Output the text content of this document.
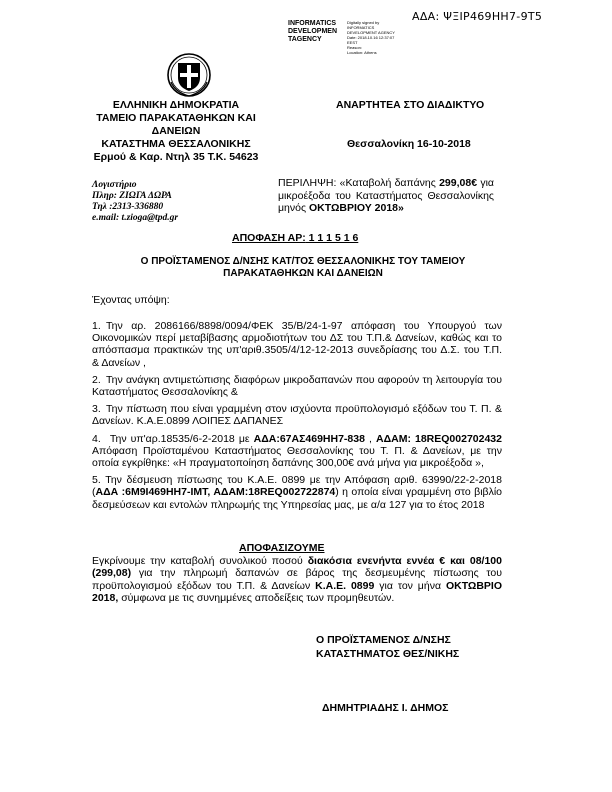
ΑΔΑ: ΨΞΙΡ469ΗΗ7-9Τ5
INFORMATICS
DEVELOPMEN
TAGENCY
Digitally signed by
INFORMATICS
DEVELOPMENT AGENCY
Date: 2018.10.16 12:37:07
EEST
Reason:
Location: Athens
ΕΛΛΗΝΙΚΗ ΔΗΜΟΚΡΑΤΙΑ
ΤΑΜΕΙΟ ΠΑΡΑΚΑΤΑΘΗΚΩΝ ΚΑΙ ΔΑΝΕΙΩΝ
ΚΑΤΑΣΤΗΜΑ ΘΕΣΣΑΛΟΝΙΚΗΣ
Ερμού & Καρ. Ντηλ 35 Τ.Κ. 54623
ΑΝΑΡΤΗΤΕΑ ΣΤΟ ΔΙΑΔΙΚΤΥΟ
Θεσσαλονίκη 16-10-2018
Λογιστήριο
Πληρ: ΖΙΩΓΑ ΔΩΡΑ
Τηλ :2313-336880
e.mail: t.zioga@tpd.gr
ΠΕΡΙΛΗΨΗ: «Καταβολή δαπάνης 299,08€ για μικροέξοδα του Καταστήματος Θεσσαλονίκης μηνός ΟΚΤΩΒΡΙΟΥ 2018»
ΑΠΟΦΑΣΗ ΑΡ: 1 1 1 5 1 6
Ο ΠΡΟΪΣΤΑΜΕΝΟΣ Δ/ΝΣΗΣ ΚΑΤ/ΤΟΣ ΘΕΣΣΑΛΟΝΙΚΗΣ ΤΟΥ ΤΑΜΕΙΟΥ
ΠΑΡΑΚΑΤΑΘΗΚΩΝ ΚΑΙ ΔΑΝΕΙΩΝ
Έχοντας υπόψη:
1. Την αρ. 2086166/8898/0094/ΦΕΚ 35/Β/24-1-97 απόφαση του Υπουργού των Οικονομικών περί μεταβίβασης αρμοδιοτήτων του ΔΣ του Τ.Π.& Δανείων, καθώς και το απόσπασμα πρακτικών της υπ'αριθ.3505/4/12-12-2013 συνεδρίασης του Δ.Σ. του Τ.Π. & Δανείων ,
2. Την ανάγκη αντιμετώπισης διαφόρων μικροδαπανών που αφορούν τη λειτουργία του Καταστήματος Θεσσαλονίκης &
3. Την πίστωση που είναι γραμμένη στον ισχύοντα προϋπολογισμό εξόδων του Τ. Π. & Δανείων. Κ.Α.Ε.0899 ΛΟΙΠΕΣ ΔΑΠΑΝΕΣ
4. Την υπ'αρ.18535/6-2-2018 με ΑΔΑ:67ΑΣ469ΗΗ7-838 , ΑΔΑΜ: 18REQ002702432 Απόφαση Προϊσταμένου Καταστήματος Θεσσαλονίκης του Τ. Π. & Δανείων, με την οποία εγκρίθηκε: «Η πραγματοποίηση δαπάνης 300,00€ ανά μήνα για μικροέξοδα »,
5. Την δέσμευση πίστωσης του Κ.Α.Ε. 0899 με την Απόφαση αριθ. 63990/22-2-2018 (ΑΔΑ :6Μ9Ι469ΗΗ7-ΙΜΤ, ΑΔΑΜ:18REQ002722874) η οποία είναι γραμμένη στο βιβλίο δεσμεύσεων και εντολών πληρωμής της Υπηρεσίας μας, με α/α 127 για το έτος 2018
ΑΠΟΦΑΣΙΖΟΥΜΕ
Εγκρίνουμε την καταβολή συνολικού ποσού διακόσια ενενήντα εννέα € και 08/100 (299,08) για την πληρωμή δαπανών σε βάρος της δεσμευμένης πίστωσης του προϋπολογισμού εξόδων του Τ.Π. & Δανείων Κ.Α.Ε. 0899 για τον μήνα ΟΚΤΩΒΡΙΟ 2018, σύμφωνα με τις συνημμένες αποδείξεις των προμηθευτών.
Ο ΠΡΟΪΣΤΑΜΕΝΟΣ Δ/ΝΣΗΣ
ΚΑΤΑΣΤΗΜΑΤΟΣ ΘΕΣ/ΝΙΚΗΣ
ΔΗΜΗΤΡΙΑΔΗΣ Ι. ΔΗΜΟΣ
